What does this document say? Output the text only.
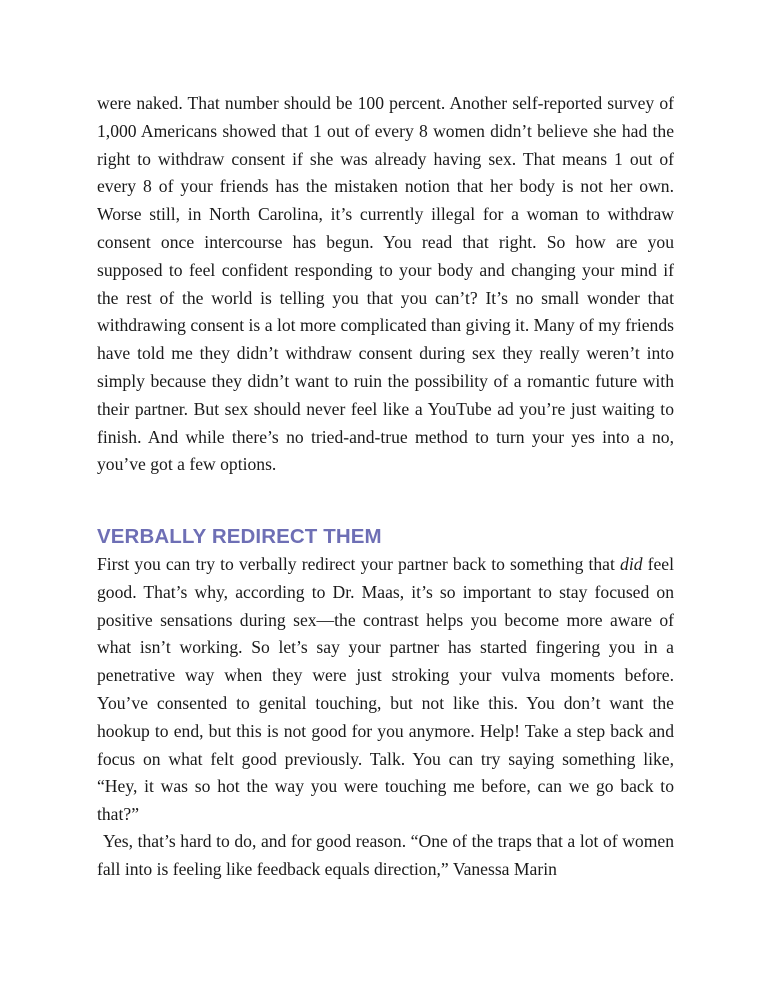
were naked. That number should be 100 percent. Another self-reported survey of 1,000 Americans showed that 1 out of every 8 women didn’t believe she had the right to withdraw consent if she was already having sex. That means 1 out of every 8 of your friends has the mistaken notion that her body is not her own. Worse still, in North Carolina, it’s currently illegal for a woman to withdraw consent once intercourse has begun. You read that right. So how are you supposed to feel confident responding to your body and changing your mind if the rest of the world is telling you that you can’t? It’s no small wonder that withdrawing consent is a lot more complicated than giving it. Many of my friends have told me they didn’t withdraw consent during sex they really weren’t into simply because they didn’t want to ruin the possibility of a romantic future with their partner. But sex should never feel like a YouTube ad you’re just waiting to finish. And while there’s no tried-and-true method to turn your yes into a no, you’ve got a few options.

VERBALLY REDIRECT THEM

First you can try to verbally redirect your partner back to something that did feel good. That’s why, according to Dr. Maas, it’s so important to stay focused on positive sensations during sex—the contrast helps you become more aware of what isn’t working. So let’s say your partner has started fingering you in a penetrative way when they were just stroking your vulva moments before. You’ve consented to genital touching, but not like this. You don’t want the hookup to end, but this is not good for you anymore. Help! Take a step back and focus on what felt good previously. Talk. You can try saying something like, “Hey, it was so hot the way you were touching me before, can we go back to that?”

Yes, that’s hard to do, and for good reason. “One of the traps that a lot of women fall into is feeling like feedback equals direction,” Vanessa Marin
